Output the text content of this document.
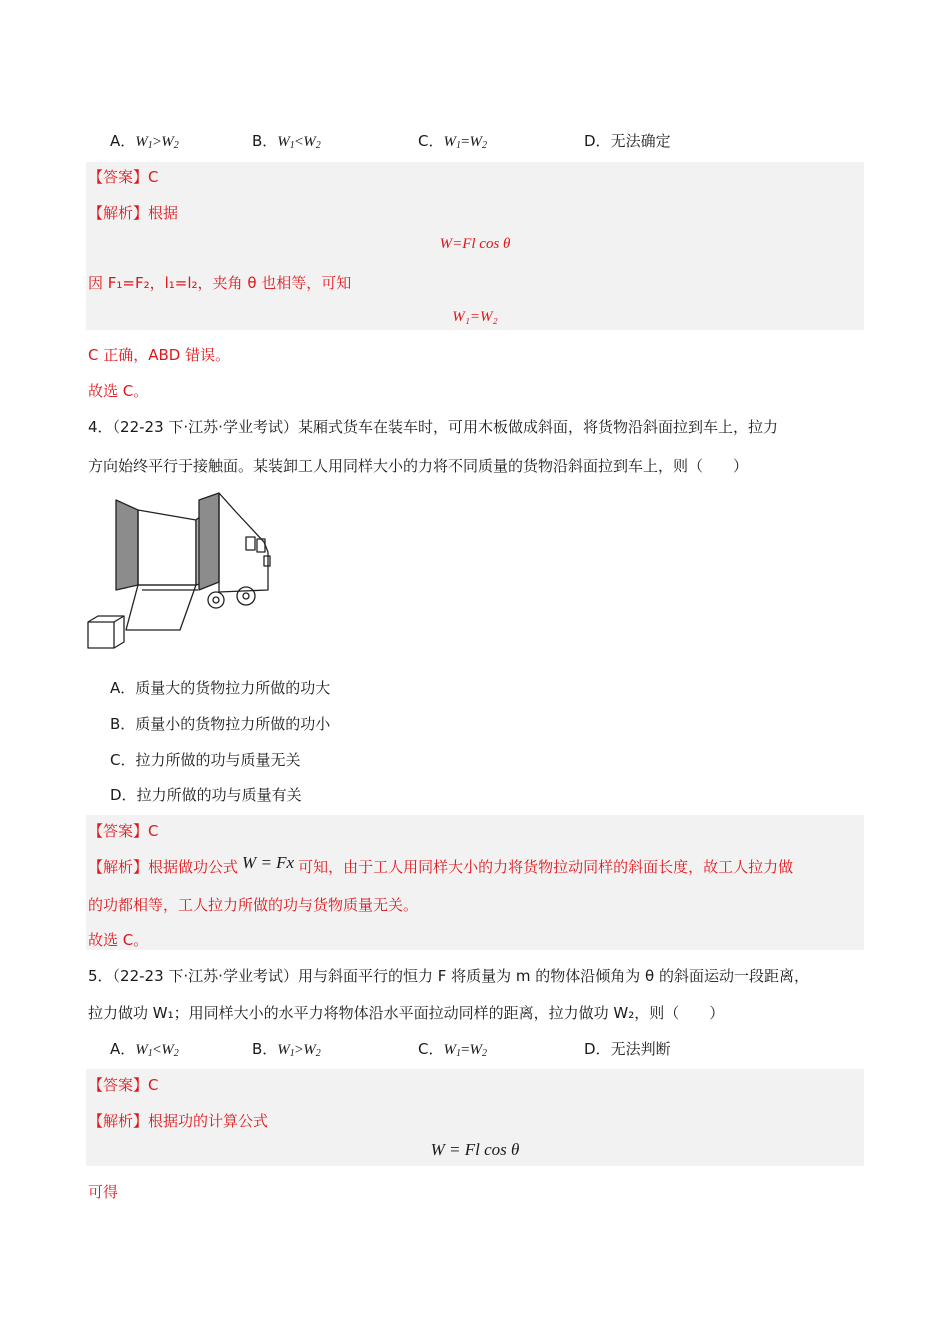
A．$W_1>W_2$	B．$W_1<W_2$	C．$W_1=W_2$	D．无法确定
【答案】C
【解析】根据
W=Fl cos θ
因 F₁=F₂，l₁=l₂，夹角 θ 也相等，可知
W₁=W₂
C 正确，ABD 错误。
故选 C。
4．（22-23 下·江苏·学业考试）某厢式货车在装车时，可用木板做成斜面，将货物沿斜面拉到车上，拉力
方向始终平行于接触面。某装卸工人用同样大小的力将不同质量的货物沿斜面拉到车上，则（　　）
A．质量大的货物拉力所做的功大
B．质量小的货物拉力所做的功小
C．拉力所做的功与质量无关
D．拉力所做的功与质量有关
【答案】C
【解析】根据做功公式 W = Fx 可知，由于工人用同样大小的力将货物拉动同样的斜面长度，故工人拉力做
的功都相等，工人拉力所做的功与货物质量无关。
故选 C。
5．（22-23 下·江苏·学业考试）用与斜面平行的恒力 F 将质量为 m 的物体沿倾角为 θ 的斜面运动一段距离，
拉力做功 W₁；用同样大小的水平力将物体沿水平面拉动同样的距离，拉力做功 W₂，则（　　）
A．$W_1<W_2$	B．$W_1>W_2$	C．$W_1=W_2$	D．无法判断
【答案】C
【解析】根据功的计算公式
W = Fl cos θ
可得
